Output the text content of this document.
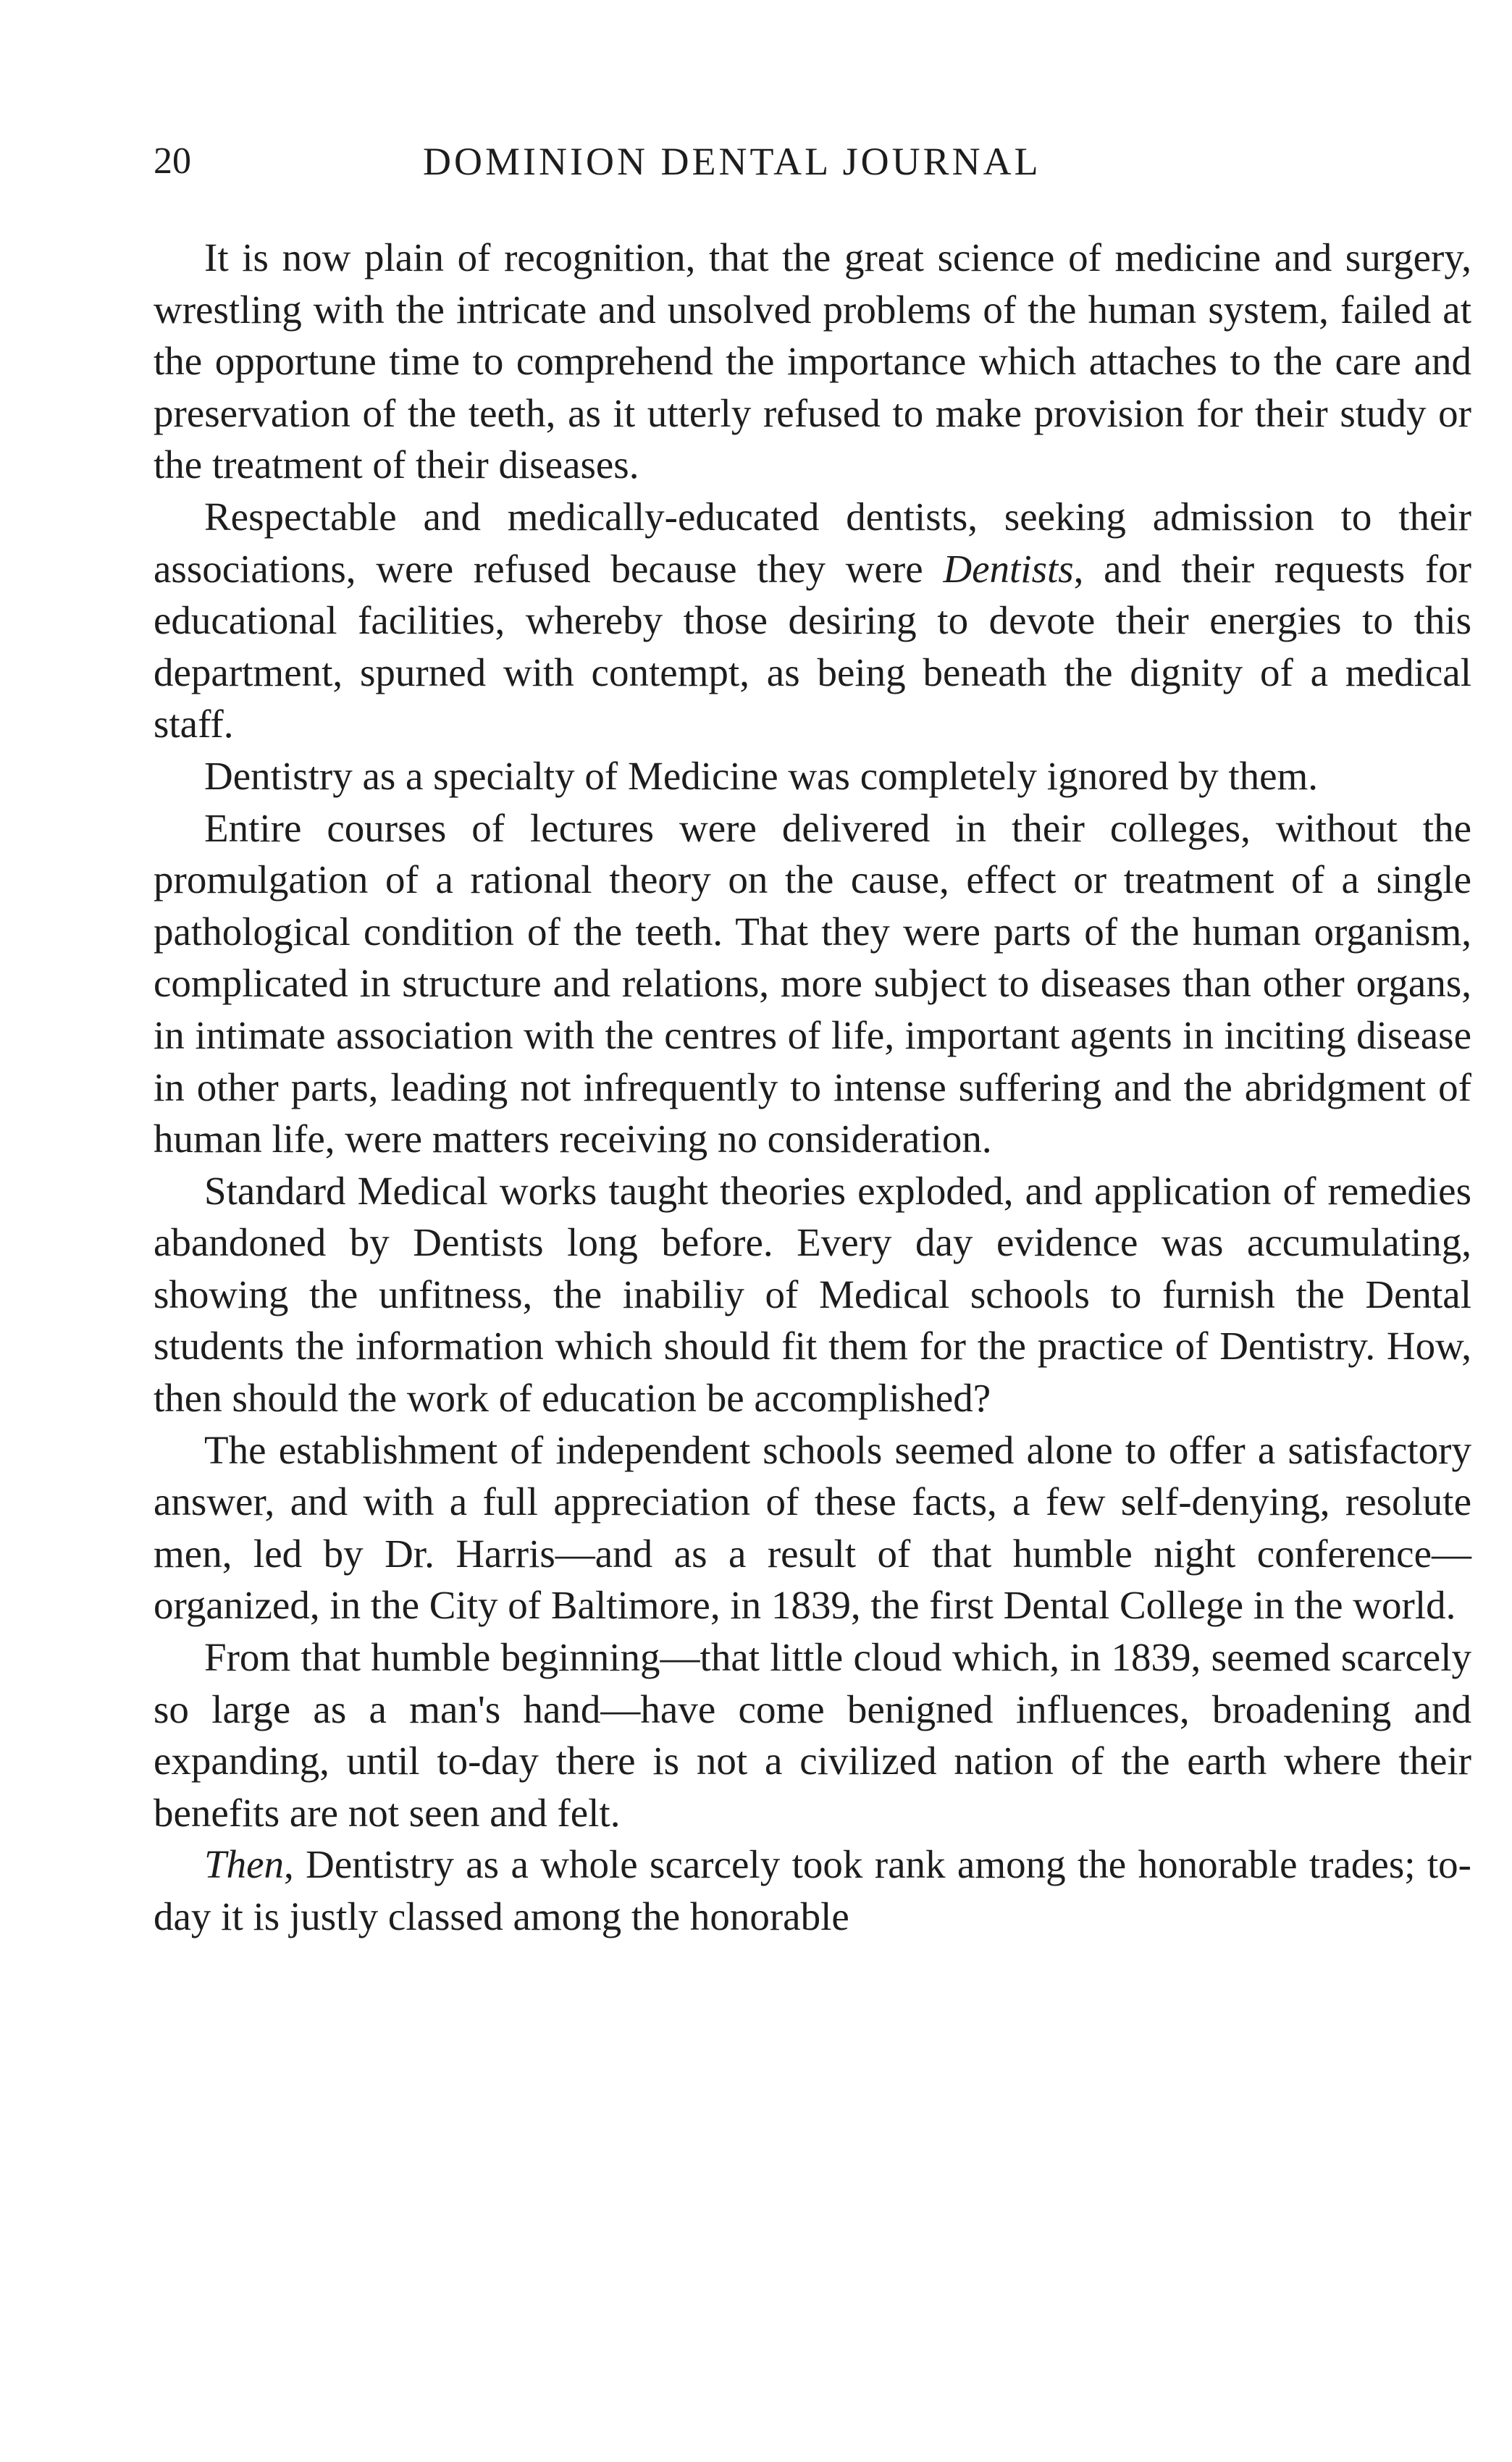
20	DOMINION DENTAL JOURNAL

It is now plain of recognition, that the great science of medicine and surgery, wrestling with the intricate and unsolved problems of the human system, failed at the opportune time to comprehend the importance which attaches to the care and preservation of the teeth, as it utterly refused to make provision for their study or the treatment of their diseases.

Respectable and medically-educated dentists, seeking admission to their associations, were refused because they were Dentists, and their requests for educational facilities, whereby those desiring to devote their energies to this department, spurned with contempt, as being beneath the dignity of a medical staff.

Dentistry as a specialty of Medicine was completely ignored by them.

Entire courses of lectures were delivered in their colleges, without the promulgation of a rational theory on the cause, effect or treatment of a single pathological condition of the teeth. That they were parts of the human organism, complicated in structure and relations, more subject to diseases than other organs, in intimate association with the centres of life, important agents in inciting disease in other parts, leading not infrequently to intense suffering and the abridgment of human life, were matters receiving no consideration.

Standard Medical works taught theories exploded, and application of remedies abandoned by Dentists long before. Every day evidence was accumulating, showing the unfitness, the inabiliy of Medical schools to furnish the Dental students the information which should fit them for the practice of Dentistry. How, then should the work of education be accomplished?

The establishment of independent schools seemed alone to offer a satisfactory answer, and with a full appreciation of these facts, a few self-denying, resolute men, led by Dr. Harris—and as a result of that humble night conference—organized, in the City of Baltimore, in 1839, the first Dental College in the world.

From that humble beginning—that little cloud which, in 1839, seemed scarcely so large as a man's hand—have come benigned influences, broadening and expanding, until to-day there is not a civilized nation of the earth where their benefits are not seen and felt.

Then, Dentistry as a whole scarcely took rank among the honorable trades; to-day it is justly classed among the honorable
